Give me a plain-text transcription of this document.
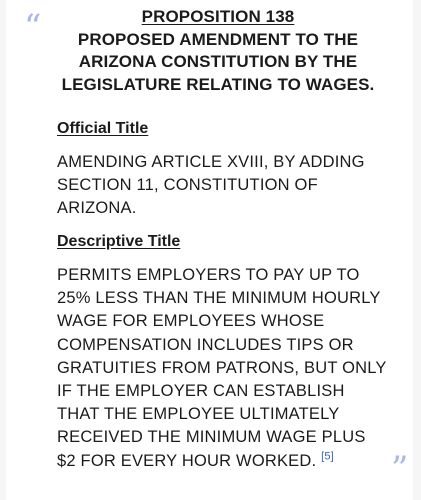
“	PROPOSITION 138
PROPOSED AMENDMENT TO THE ARIZONA CONSTITUTION BY THE LEGISLATURE RELATING TO WAGES.
Official Title
AMENDING ARTICLE XVIII, BY ADDING SECTION 11, CONSTITUTION OF ARIZONA.
Descriptive Title
PERMITS EMPLOYERS TO PAY UP TO 25% LESS THAN THE MINIMUM HOURLY WAGE FOR EMPLOYEES WHOSE COMPENSATION INCLUDES TIPS OR GRATUITIES FROM PATRONS, BUT ONLY IF THE EMPLOYER CAN ESTABLISH THAT THE EMPLOYEE ULTIMATELY RECEIVED THE MINIMUM WAGE PLUS $2 FOR EVERY HOUR WORKED. [5]	”
